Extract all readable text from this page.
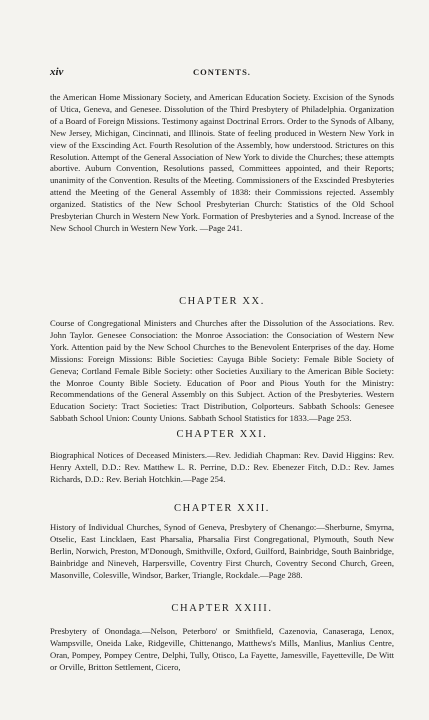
xiv	CONTENTS.

the American Home Missionary Society, and American Education Society. Excision of the Synods of Utica, Geneva, and Genesee. Dissolution of the Third Presbytery of Philadelphia. Organization of a Board of Foreign Missions. Testimony against Doctrinal Errors. Order to the Synods of Albany, New Jersey, Michigan, Cincinnati, and Illinois. State of feeling produced in Western New York in view of the Exscinding Act. Fourth Resolution of the Assembly, how understood. Strictures on this Resolution. Attempt of the General Association of New York to divide the Churches; these attempts abortive. Auburn Convention, Resolutions passed, Committees appointed, and their Reports; unanimity of the Convention. Results of the Meeting. Commissioners of the Exscinded Presbyteries attend the Meeting of the General Assembly of 1838: their Commissions rejected. Assembly organized. Statistics of the New School Presbyterian Church: Statistics of the Old School Presbyterian Church in Western New York. Formation of Presbyteries and a Synod. Increase of the New School Church in Western New York. —Page 241.

CHAPTER XX.

Course of Congregational Ministers and Churches after the Dissolution of the Associations. Rev. John Taylor. Genesee Consociation: the Monroe Association: the Consociation of Western New York. Attention paid by the New School Churches to the Benevolent Enterprises of the day. Home Missions: Foreign Missions: Bible Societies: Cayuga Bible Society: Female Bible Society of Geneva; Cortland Female Bible Society: other Societies Auxiliary to the American Bible Society: the Monroe County Bible Society. Education of Poor and Pious Youth for the Ministry: Recommendations of the General Assembly on this Subject. Action of the Presbyteries. Western Education Society: Tract Societies: Tract Distribution, Colporteurs. Sabbath Schools: Genesee Sabbath School Union: County Unions. Sabbath School Statistics for 1833.—Page 253.

CHAPTER XXI.

Biographical Notices of Deceased Ministers.—Rev. Jedidiah Chapman: Rev. David Higgins: Rev. Henry Axtell, D.D.: Rev. Matthew L. R. Perrine, D.D.: Rev. Ebenezer Fitch, D.D.: Rev. James Richards, D.D.: Rev. Beriah Hotchkin.—Page 254.

CHAPTER XXII.

History of Individual Churches, Synod of Geneva, Presbytery of Chenango:—Sherburne, Smyrna, Otselic, East Lincklaen, East Pharsalia, Pharsalia First Congregational, Plymouth, South New Berlin, Norwich, Preston, M'Donough, Smithville, Oxford, Guilford, Bainbridge, South Bainbridge, Bainbridge and Nineveh, Harpersville, Coventry First Church, Coventry Second Church, Green, Masonville, Colesville, Windsor, Barker, Triangle, Rockdale.—Page 288.

CHAPTER XXIII.

Presbytery of Onondaga.—Nelson, Peterboro' or Smithfield, Cazenovia, Canaseraga, Lenox, Wampsville, Oneida Lake, Ridgeville, Chittenango, Matthews's Mills, Manlius, Manlius Centre, Oran, Pompey, Pompey Centre, Delphi, Tully, Otisco, La Fayette, Jamesville, Fayetteville, De Witt or Orville, Britton Settlement, Cicero,
